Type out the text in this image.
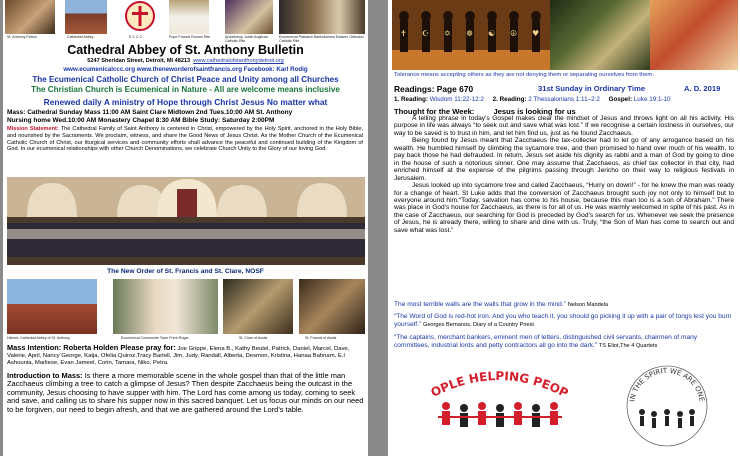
St. Anthony Patron	Cathedral Abbey	E C C C	Pope Francis Roman Rite	Archbishop Justin Anglican Catholic Rite
Ecumenical Patriarch Bartholomew Eastern Orthodox Catholic Rite
Cathedral Abbey of St. Anthony Bulletin
5247 Sheridan Street, Detroit, MI 48213 www.cathedralofstanthonydetroit.org
www.ecumenicalccc.org www.theneworderofsaintfrancis.org Facebook: Karl Rodig
The Ecumenical Catholic Church of Christ Peace and Unity among all Churches
The Christian Church is Ecumenical in Nature - All are welcome means inclusive
Renewed daily A ministry of Hope through Christ Jesus No matter what
Mass: Cathedral Sunday Mass 11:00 AM Saint Clare Midtown 2nd Tues.10:00 AM St. Anthony
Nursing home Wed.10:00 AM Monastery Chapel 8:30 AM Bible Study: Saturday 2:00PM
Mission Statement: The Cathedral Family of Saint Anthony is centered in Christ, empowered by the Holy Spirit, anchored in the Holy Bible, and nourished by the Sacraments. We proclaim, witness, and share the Good News of Jesus Christ. As the Mother Church of the Ecumenical Catholic Church of Christ, our liturgical services and community efforts shall advance the peaceful and continued building of the Kingdom of God. In our ecumenical relationships with other Church Denominations, we celebrate Church Unity to the Glory of our loving God.
The New Order of St. Francis and St. Clare, NOSF
Historic Cathedral Abbey of St. Anthony	Ecumenical Communite Taize Frere Roger	St. Clare of Assisi	St. Francis of Assisi
Mass Intention: Roberta Holden Please pray for: Joe Grippe, Elena B., Kathy Beutel, Patrick, Daniel, Marcel, Dave, Valerie, April, Nancy George, Katja, Ofelia Quiroz,Tracy Bartell, Jim, Judy, Randall, Alberta, Desmon, Kristina, Hanaa Bahnam, E.l Ashounia, Marliese, Evan Jameel, Corin, Tamara, Niko, Petra.
Introduction to Mass: Is there a more memorable scene in the whole gospel than that of the little man Zacchaeus climbing a tree to catch a glimpse of Jesus? Then despite Zacchaeus being the outcast in the community, Jesus choosing to have supper with him. The Lord has come among us today, coming to seek and save, and calling us to share his supper now in this sacred banquet. Let us focus our minds on our need to be forgiven, our need to begin afresh, and that we are gathered around the Lord’s table.
✝ ☪ ✡ ☸ ☯ ☮ ♥
Tolerance means accepting others as they are not denying them or separating ourselves from them.
Readings: Page 670	31st Sunday in Ordinary Time	A. D. 2019
1. Reading: Wisdom 11:22-12:2 2. Reading: 2 Thessalonians 1:11–2:2 Gospel: Luke 19:1-10
Thought for the Week:	Jesus is looking for us
A telling phrase in today’s Gospel makes clear the mindset of Jesus and throws light on all his activity. His purpose in life was always “to seek out and save what was lost.” If we recognise a certain lostness in ourselves, our way to be saved is to trust in him, and let him find us, just as he found Zacchaeus.
Being found by Jesus meant that Zacchaeus the tax-collecter had to let go of any arrogance based on his wealth. He humbled himself by climbing the sycamore tree, and then promised to hand over much of his wealth, to pay back those he had defrauded. In return, Jesus set aside his dignity as rabbi and a man of God by going to dine in the house of such a notorious sinner. One may assume that Zacchaeus, as chief tax collector in that city, had enriched himself at the expense of the pilgrims passing through Jericho on their way to religious festivals in Jerusalem.
Jesus looked up into sycamore tree and called Zacchaeus, “Hurry on down!” - for he knew the man was ready for a change of heart. St Luke adds that the conversion of Zacchaeus brought such joy not only to himself but to everyone around him.“Today, salvation has come to his house, because this man too is a son of Abraham.” There was place in God’s house for Zacchaeus, as there is for all of us. He was warmly welcomed in spite of his past. As in the case of Zacchaeus, our searching for God is preceded by God’s search for us. Whenever we seek the presence of Jesus, he is already there, willing to share and dine with us. Truly, “the Son of Man has come to search out and save what was lost.”
The most terrible walls are the walls that grow in the mind.” Nelson Mandela
“The Word of God is red-hot iron. And you who teach it, you should go picking it up with a pair of tongs lest you burn yourself.” Georges Bernanos, Diary of a Country Priest
“The captains, merchant bankers, eminent men of letters, distinguished civil servants, chairmen of many committees, industrial lords and petty contractors all go into the dark.” TS Eliot,The 4 Quartets
OPLE HELPING PEOP
IN THE SPIRIT WE ARE ONE
